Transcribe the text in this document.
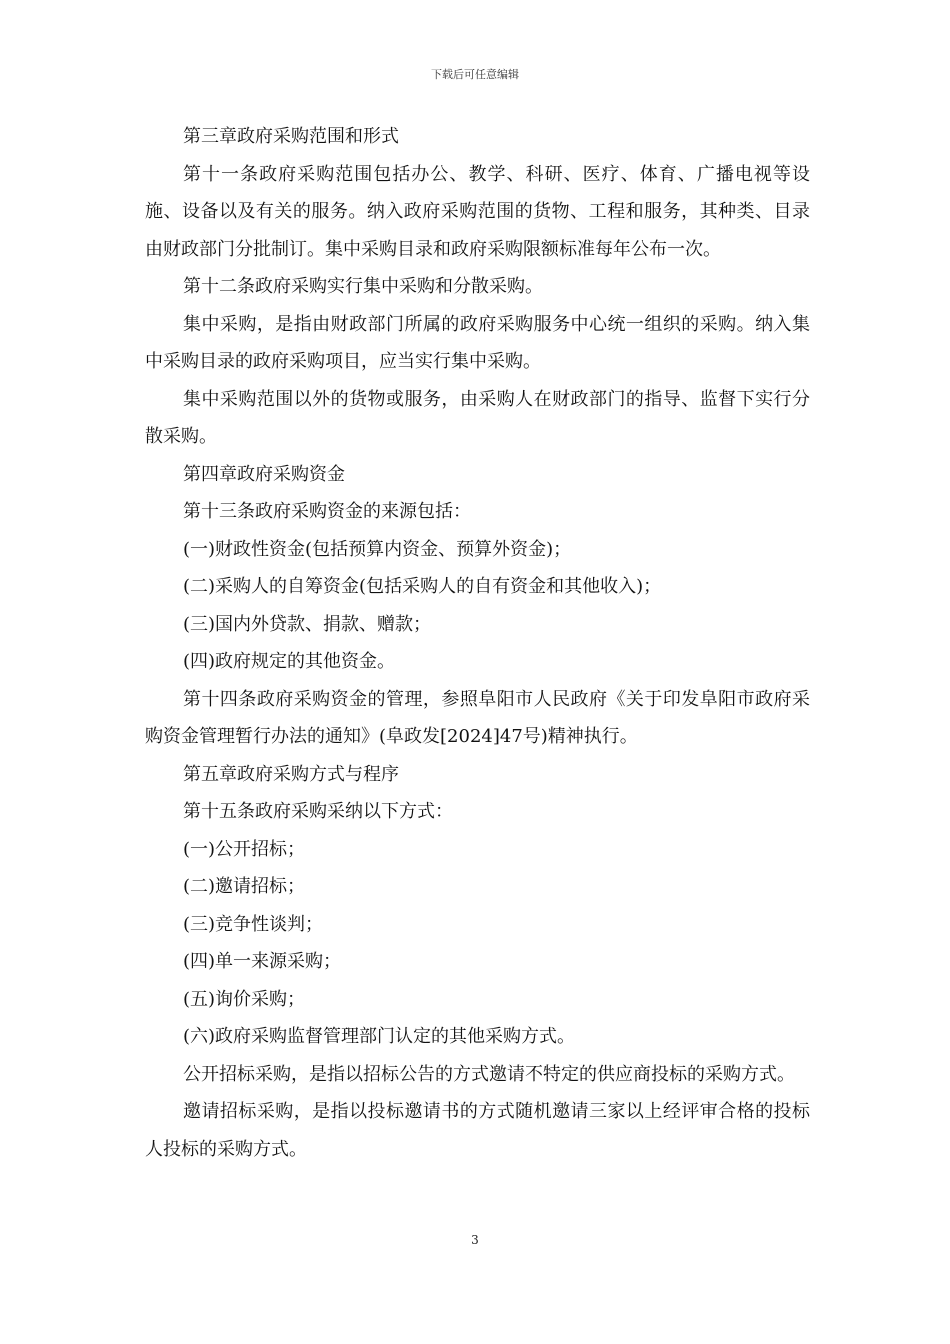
下载后可任意编辑

第三章政府采购范围和形式

第十一条政府采购范围包括办公、教学、科研、医疗、体育、广播电视等设施、设备以及有关的服务。纳入政府采购范围的货物、工程和服务，其种类、目录由财政部门分批制订。集中采购目录和政府采购限额标准每年公布一次。

第十二条政府采购实行集中采购和分散采购。

集中采购，是指由财政部门所属的政府采购服务中心统一组织的采购。纳入集中采购目录的政府采购项目，应当实行集中采购。

集中采购范围以外的货物或服务，由采购人在财政部门的指导、监督下实行分散采购。

第四章政府采购资金

第十三条政府采购资金的来源包括：

(一)财政性资金(包括预算内资金、预算外资金)；

(二)采购人的自筹资金(包括采购人的自有资金和其他收入)；

(三)国内外贷款、捐款、赠款；

(四)政府规定的其他资金。

第十四条政府采购资金的管理，参照阜阳市人民政府《关于印发阜阳市政府采购资金管理暂行办法的通知》(阜政发[2024]47号)精神执行。

第五章政府采购方式与程序

第十五条政府采购采纳以下方式：

(一)公开招标；

(二)邀请招标；

(三)竞争性谈判；

(四)单一来源采购；

(五)询价采购；

(六)政府采购监督管理部门认定的其他采购方式。

公开招标采购，是指以招标公告的方式邀请不特定的供应商投标的采购方式。

邀请招标采购，是指以投标邀请书的方式随机邀请三家以上经评审合格的投标人投标的采购方式。

3
